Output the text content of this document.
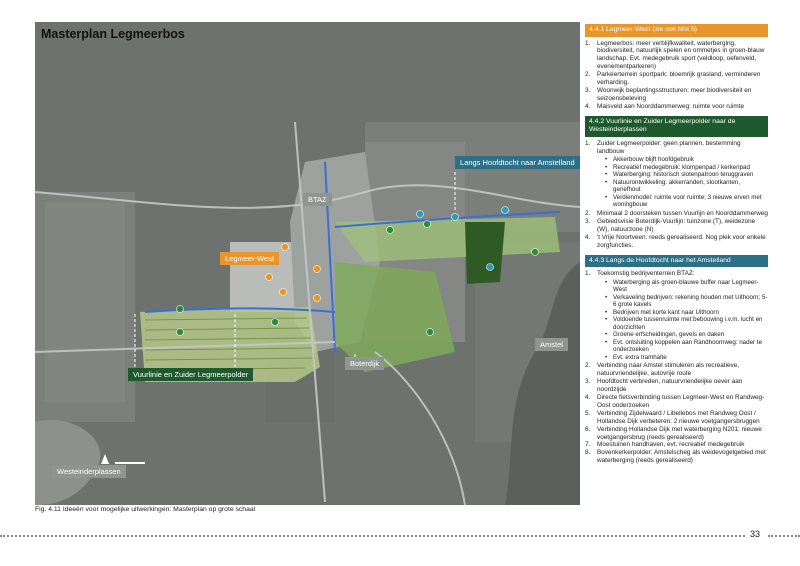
Masterplan Legmeerbos
Langs Hoofdtocht naar Amstelland
BTAZ
Legmeer-West
Amstel
Vuurlinie en Zuider Legmeerpolder
Boterdijk
Westeinderplassen
Fig. 4.11 Ideeën voor mogelijke uitwerkingen: Masterplan op grote schaal
4.4.1 Legmeer-West (zie ook hfst 5)
1. Legmeerbos: meer verblijfkwaliteit, waterberging, biodiversiteit, natuurlijk spelen en ommetjes in groen-blauw landschap. Evt. medegebruik sport (veldloop, oefenveld, evenementparkeren)
2. Parkeerterrein sportpark: bloemrijk grasland, verminderen verharding.
3. Woonwijk beplantingsstructuren: meer biodiversiteit en seizoensbeleving
4. Maisveld aan Noorddammerweg: ruimte voor ruimte
4.4.2 Vuurlinie en Zuider Legmeerpolder naar de Westeinderplassen
1. Zuider Legmeerpolder: geen plannen, bestemming landbouw
• Akkerbouw blijft hoofdgebruik
• Recreatief medegebruik: klompenpad / kerkenpad
• Waterberging: historisch slotenpatroon teruggraven
• Natuurontwikkeling: akkerranden, slootkanten, geriefhout
• Verdienmodel: ruimte voor ruimte; 3 nieuwe erven met woningbouw
2. Minimaal 2 doorsteken tussen Vuurlijn en Noorddammerweg
3. Gebiedsvisie Boterdijk-Vuurlijn: tuinzone (T), weidezone (W), natuurzone (N)
4. 't Vrije Noortveen: reeds gerealiseerd. Nog plek voor enkele zorgfuncties.
4.4.3 Langs de Hoofdtocht naar het Amstelland
1. Toekomstig bedrijventerrein BTAZ:
• Waterberging als groen-blauwe buffer naar Legmeer-West
• Verkaveling bedrijven: rekening houden met Uithoorn; 5-6 grote kavels
• Bedrijven met korte kant naar Uithoorn
• Voldoende tussenruimte met bebouwing i.v.m. lucht en doorzichten
• Groene erfscheidingen, gevels en daken
• Evt. ontsluiting koppelen aan Randhoornweg: nader te onderzoeken
• Evt. extra tramhalte
2. Verbinding naar Amstel stimuleren als recreatieve, natuurvriendelijke, autovrije route
3. Hoofdtocht verbreden, natuurvriendelijke oever aan noordzijde
4. Directe fietsverbinding tussen Legmeer-West en Randweg-Oost onderzoeken
5. Verbinding Zijdelwaard / Libellebos met Randweg Oost / Hollandse Dijk verbeteren: 2 nieuwe voetgangersbruggen
6. Verbinding Hollandse Dijk met waterberging N201: nieuwe voetgangersbrug (reeds gerealiseerd)
7. Moestuinen handhaven, evt. recreatief medegebruik
8. Bovenkerkerpolder: Amstelscheg als weidevogelgebied met waterberging (reeds gerealiseerd)
33
